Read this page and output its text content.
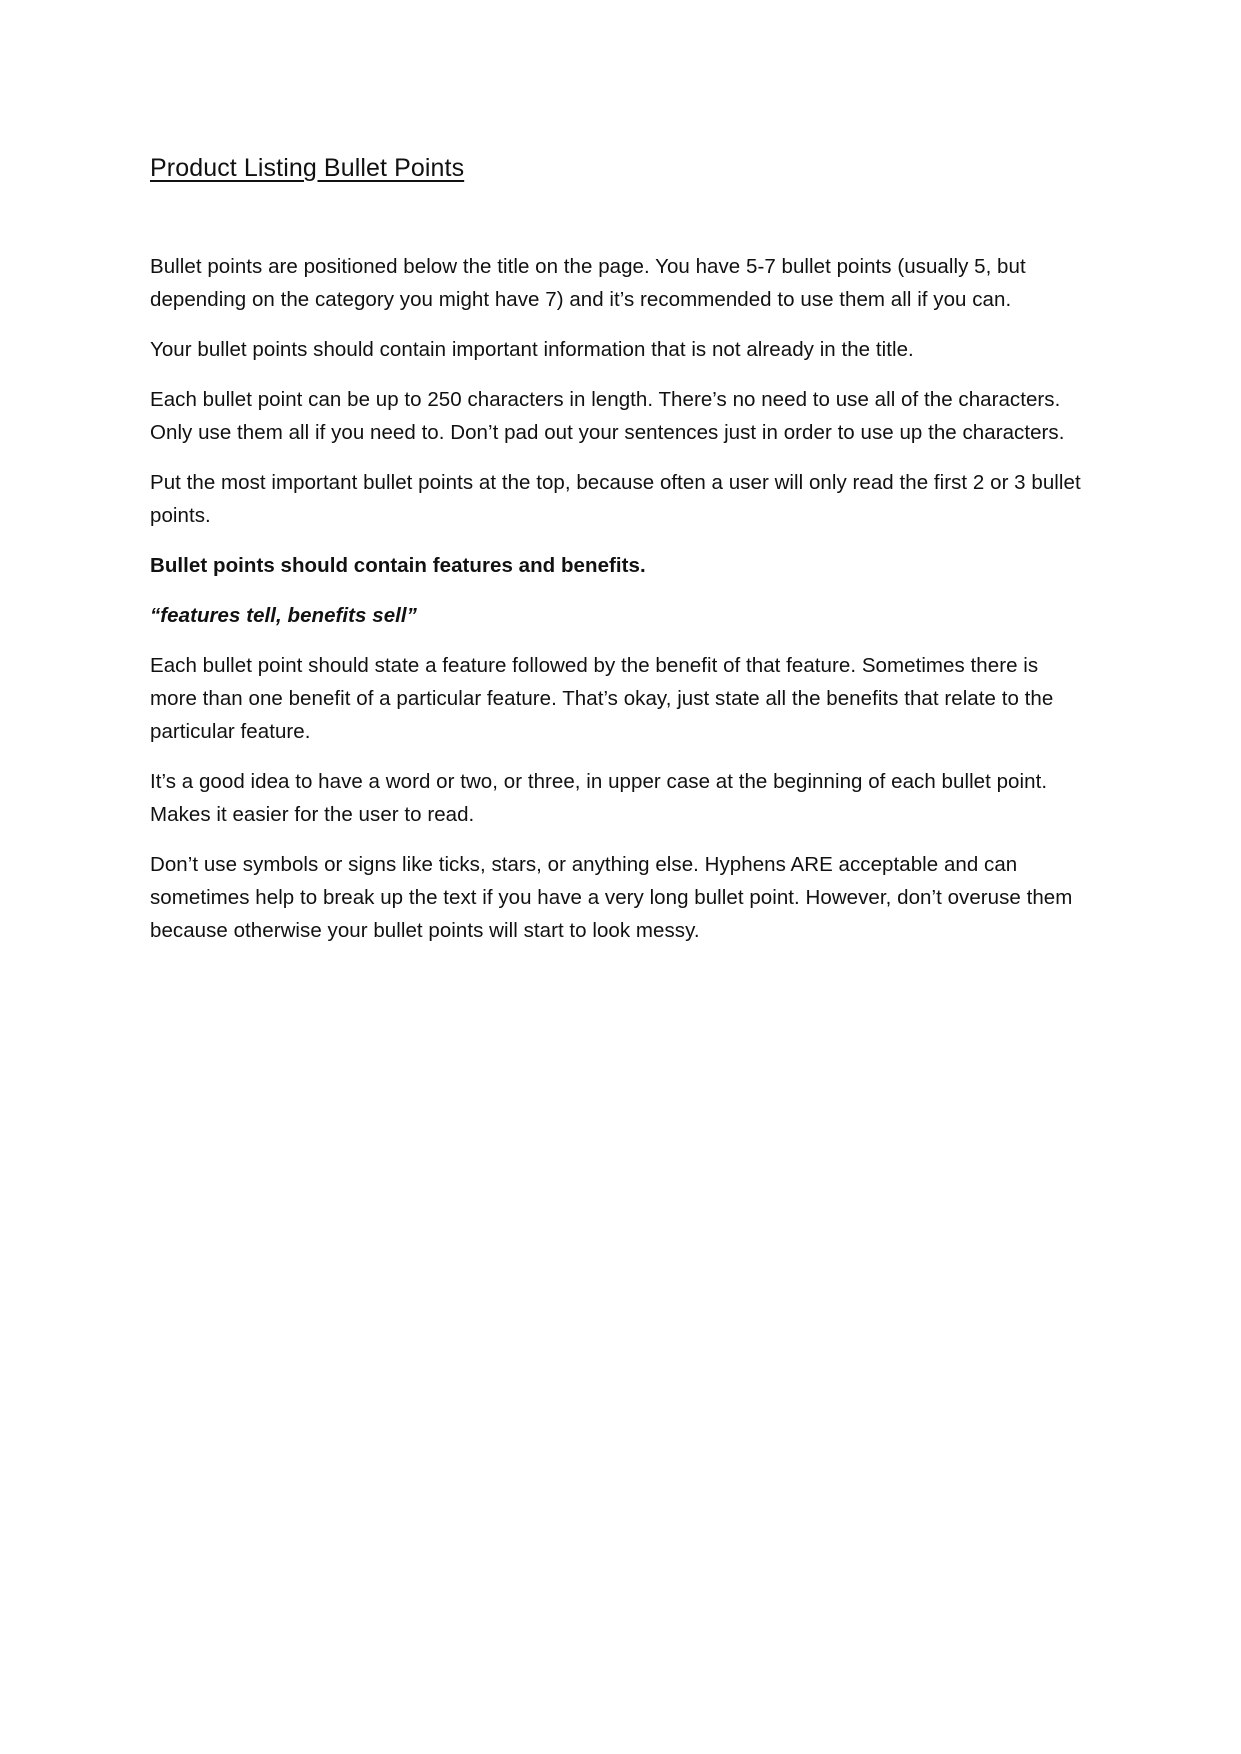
Product Listing Bullet Points

Bullet points are positioned below the title on the page. You have 5-7 bullet points (usually 5, but depending on the category you might have 7) and it’s recommended to use them all if you can.

Your bullet points should contain important information that is not already in the title.

Each bullet point can be up to 250 characters in length. There’s no need to use all of the characters. Only use them all if you need to. Don’t pad out your sentences just in order to use up the characters.

Put the most important bullet points at the top, because often a user will only read the first 2 or 3 bullet points.

Bullet points should contain features and benefits.

“features tell, benefits sell”

Each bullet point should state a feature followed by the benefit of that feature. Sometimes there is more than one benefit of a particular feature. That’s okay, just state all the benefits that relate to the particular feature.

It’s a good idea to have a word or two, or three, in upper case at the beginning of each bullet point. Makes it easier for the user to read.

Don’t use symbols or signs like ticks, stars, or anything else. Hyphens ARE acceptable and can sometimes help to break up the text if you have a very long bullet point. However, don’t overuse them because otherwise your bullet points will start to look messy.
